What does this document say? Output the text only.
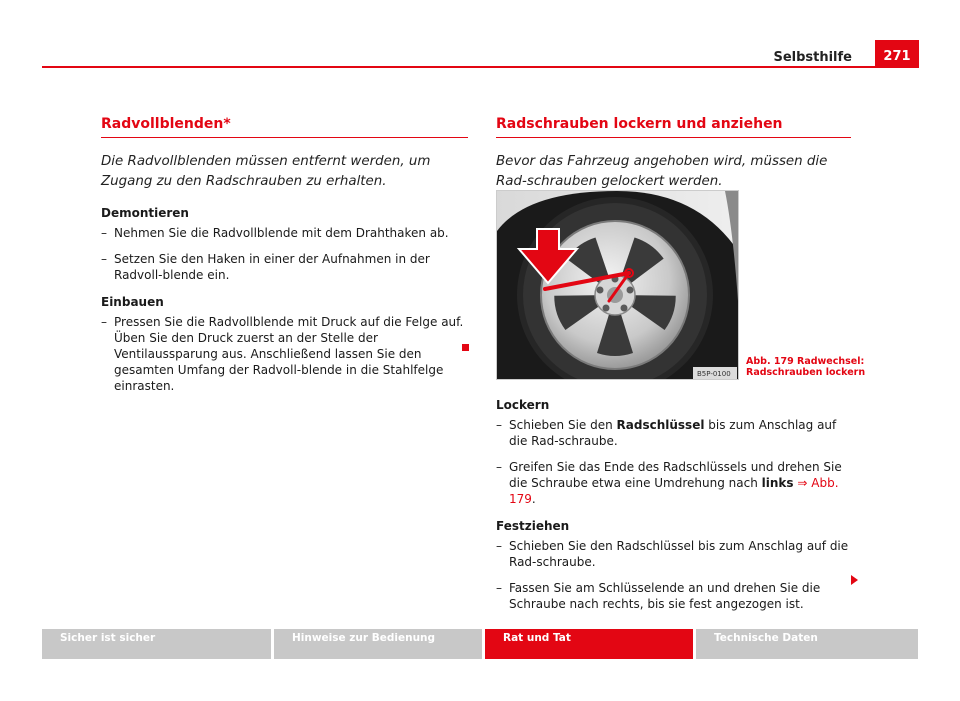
Selbsthilfe	271
Radvollblenden*

Die Radvollblenden müssen entfernt werden, um Zugang zu den Radschrauben zu erhalten.

Demontieren

– Nehmen Sie die Radvollblende mit dem Drahthaken ab.
– Setzen Sie den Haken in einer der Aufnahmen in der Radvoll-blende ein.

Einbauen

– Pressen Sie die Radvollblende mit Druck auf die Felge auf. Üben Sie den Druck zuerst an der Stelle der Ventilaussparung aus. Anschließend lassen Sie den gesamten Umfang der Radvoll-blende in die Stahlfelge einrasten.
Radschrauben lockern und anziehen

Bevor das Fahrzeug angehoben wird, müssen die Rad-schrauben gelockert werden.

B5P-0100
Abb. 179 Radwechsel:
Radschrauben lockern

Lockern

– Schieben Sie den Radschlüssel bis zum Anschlag auf die Rad-schraube.
– Greifen Sie das Ende des Radschlüssels und drehen Sie die Schraube etwa eine Umdrehung nach links ⇒ Abb. 179.

Festziehen

– Schieben Sie den Radschlüssel bis zum Anschlag auf die Rad-schraube.
– Fassen Sie am Schlüsselende an und drehen Sie die Schraube nach rechts, bis sie fest angezogen ist.
Sicher ist sicher	Hinweise zur Bedienung	Rat und Tat	Technische Daten
